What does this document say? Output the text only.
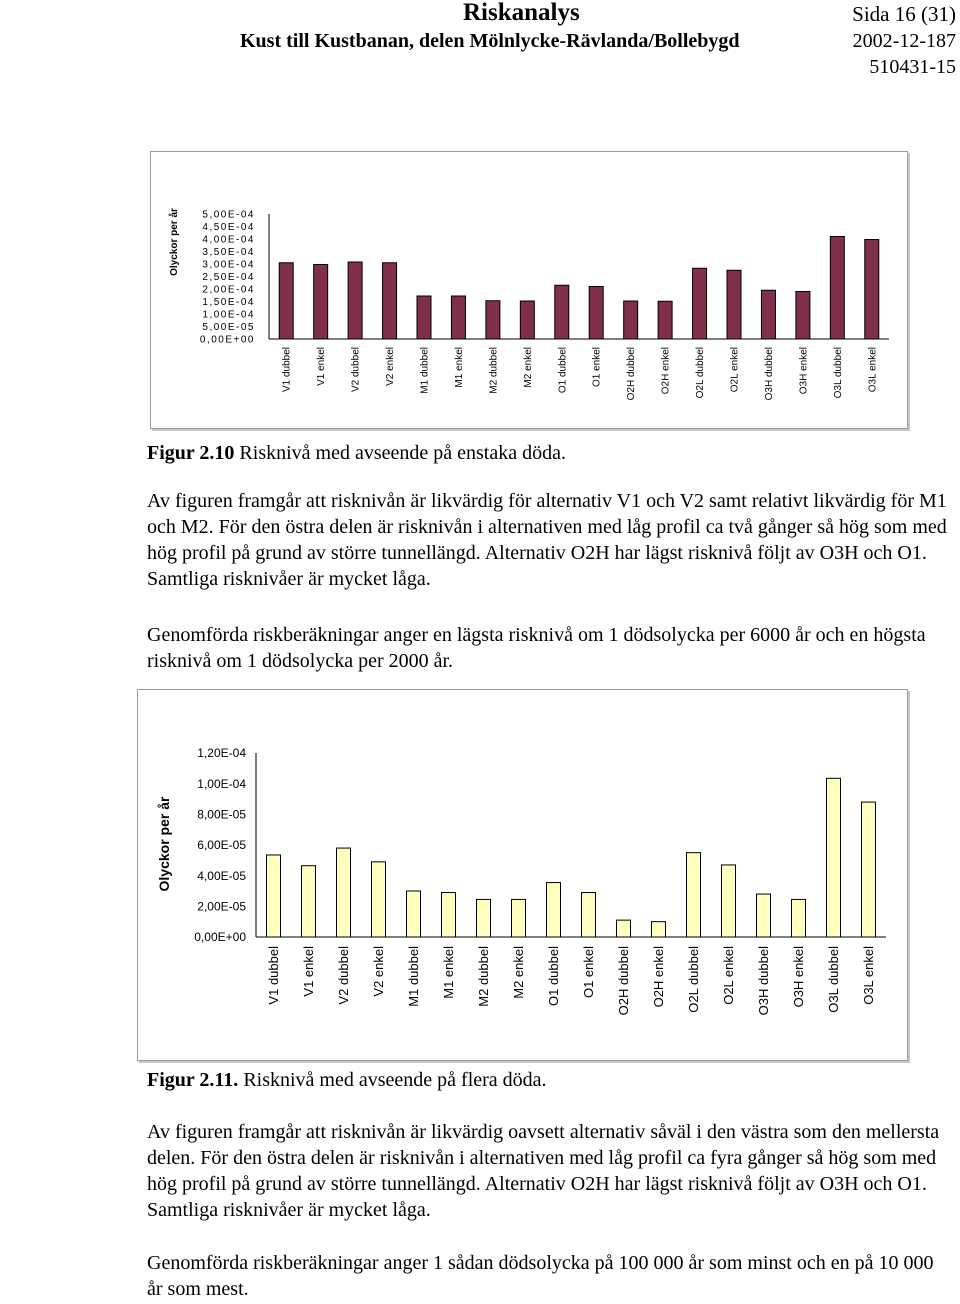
Riskanalys	Sida 16 (31)
Kust till Kustbanan, delen Mölnlycke-Rävlanda/Bollebygd	2002-12-187
510431-15
Olyckor per år 5,00E-04
4,50E-04
4,00E-04
3,50E-04
3,00E-04
2,50E-04
2,00E-04
1,50E-04
1,00E-04
5,00E-05
0,00E+00
V1 dubbel V1 enkel V2 dubbel V2 enkel M1 dubbel M1 enkel M2 dubbel M2 enkel O1 dubbel O1 enkel O2H dubbel O2H enkel O2L dubbel O2L enkel O3H dubbel O3H enkel O3L dubbel O3L enkel
Figur 2.10 Risknivå med avseende på enstaka döda.

Av figuren framgår att risknivån är likvärdig för alternativ V1 och V2 samt relativt likvärdig för M1 och M2. För den östra delen är risknivån i alternativen med låg profil ca två gånger så hög som med hög profil på grund av större tunnellängd. Alternativ O2H har lägst risknivå följt av O3H och O1. Samtliga risknivåer är mycket låga.

Genomförda riskberäkningar anger en lägsta risknivå om 1 dödsolycka per 6000 år och en högsta risknivå om 1 dödsolycka per 2000 år.

Olyckor per år
1,20E-04
1,00E-04
8,00E-05
6,00E-05
4,00E-05
2,00E-05
0,00E+00
V1 dubbel V1 enkel V2 dubbel V2 enkel M1 dubbel M1 enkel M2 dubbel M2 enkel O1 dubbel O1 enkel O2H dubbel O2H enkel O2L dubbel O2L enkel O3H dubbel O3H enkel O3L dubbel O3L enkel
Figur 2.11. Risknivå med avseende på flera döda.

Av figuren framgår att risknivån är likvärdig oavsett alternativ såväl i den västra som den mellersta delen. För den östra delen är risknivån i alternativen med låg profil ca fyra gånger så hög som med hög profil på grund av större tunnellängd. Alternativ O2H har lägst risknivå följt av O3H och O1. Samtliga risknivåer är mycket låga.

Genomförda riskberäkningar anger 1 sådan dödsolycka på 100 000 år som minst och en på 10 000 år som mest.
